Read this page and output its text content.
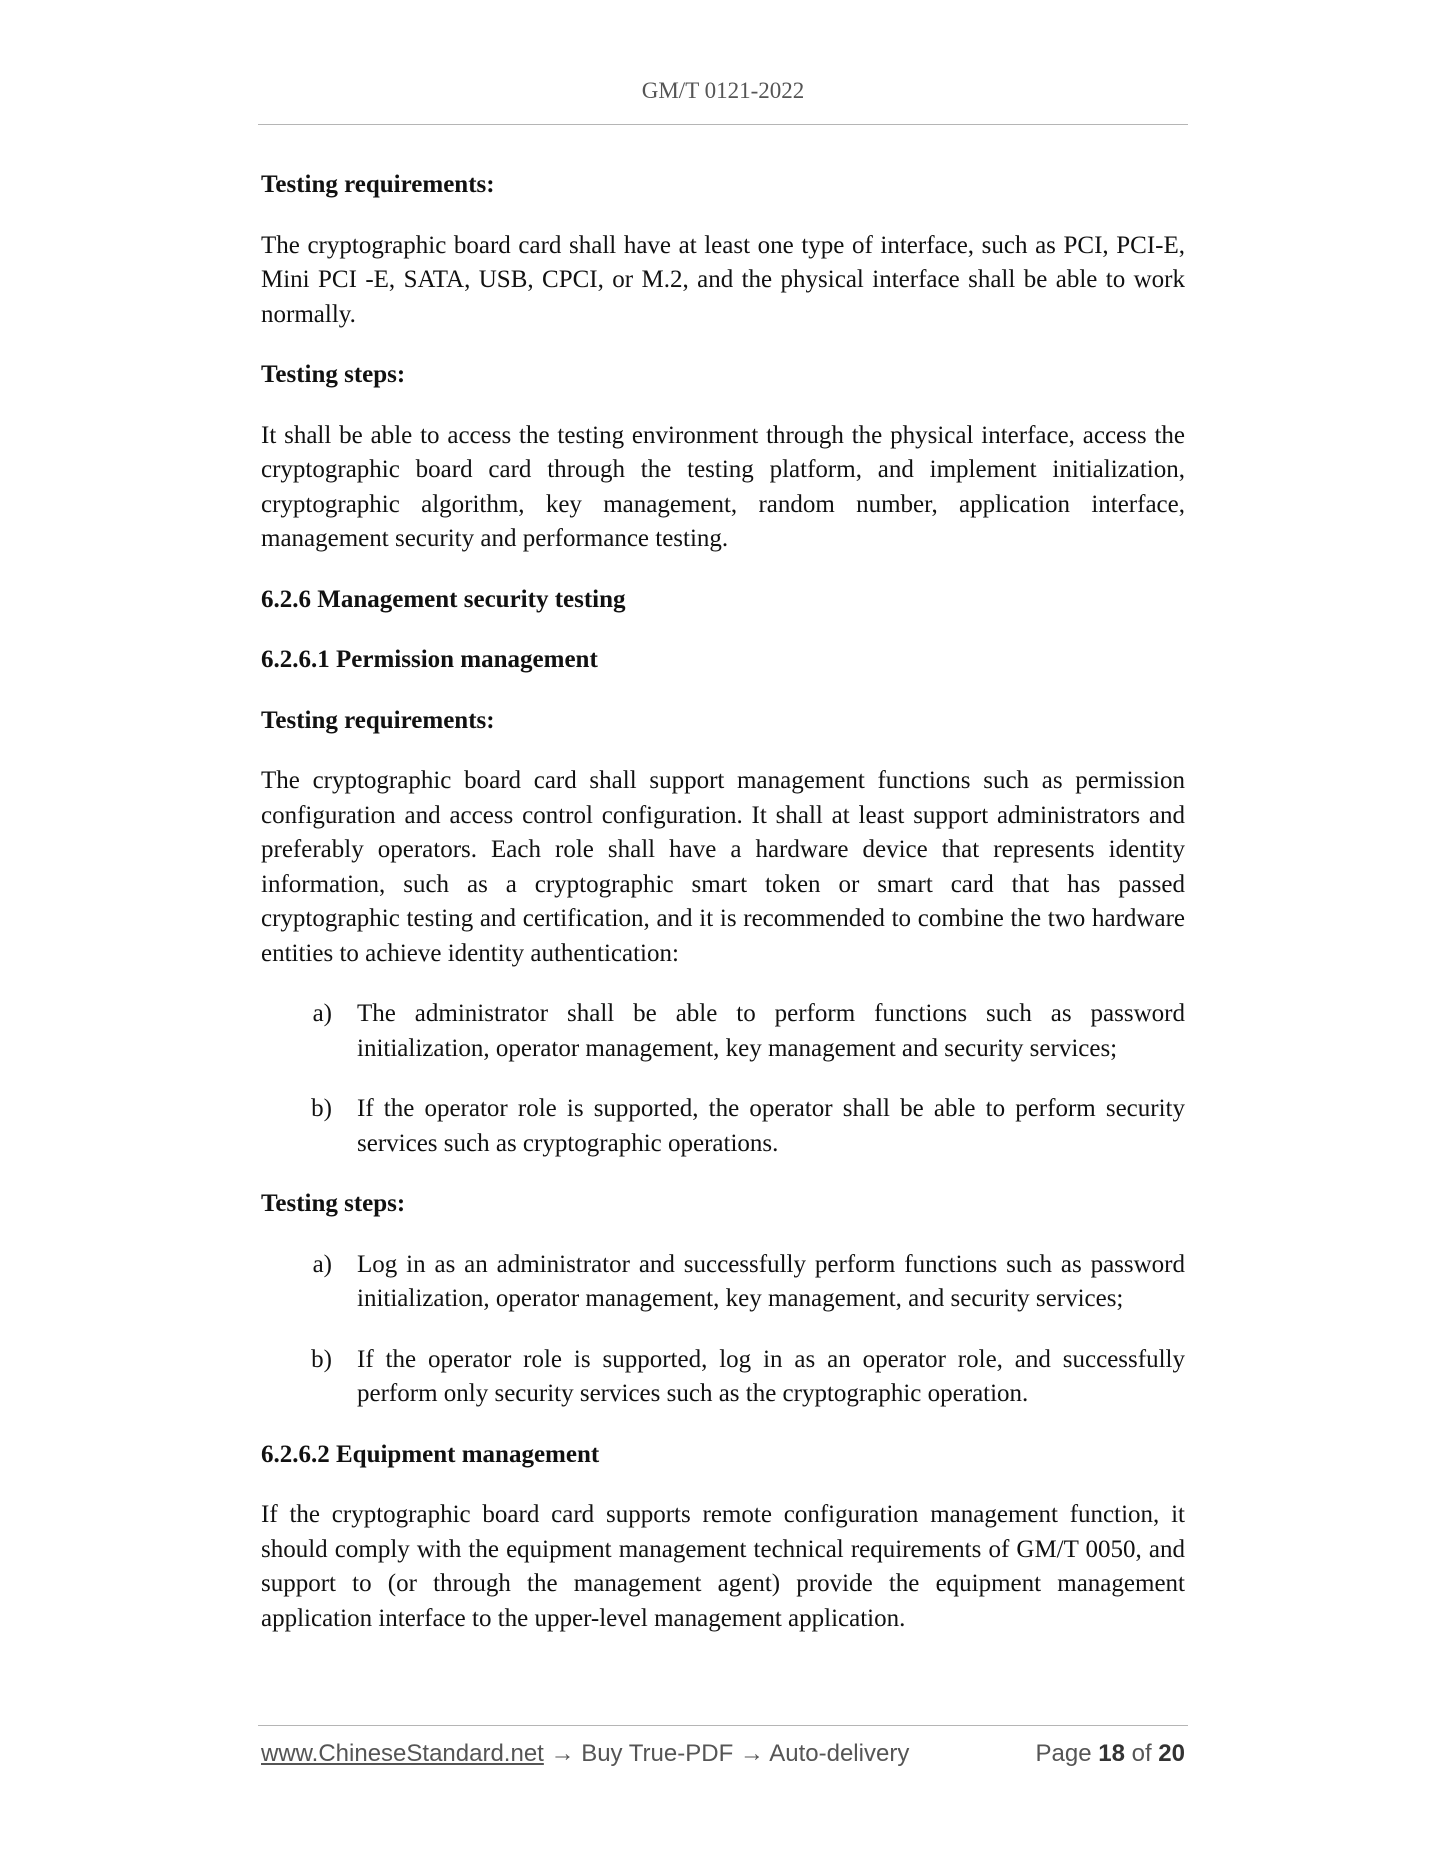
GM/T 0121-2022

Testing requirements:

The cryptographic board card shall have at least one type of interface, such as PCI, PCI-E, Mini PCI -E, SATA, USB, CPCI, or M.2, and the physical interface shall be able to work normally.

Testing steps:

It shall be able to access the testing environment through the physical interface, access the cryptographic board card through the testing platform, and implement initialization, cryptographic algorithm, key management, random number, application interface, management security and performance testing.

6.2.6 Management security testing

6.2.6.1 Permission management

Testing requirements:

The cryptographic board card shall support management functions such as permission configuration and access control configuration. It shall at least support administrators and preferably operators. Each role shall have a hardware device that represents identity information, such as a cryptographic smart token or smart card that has passed cryptographic testing and certification, and it is recommended to combine the two hardware entities to achieve identity authentication:

a)	The administrator shall be able to perform functions such as password initialization, operator management, key management and security services;
b)	If the operator role is supported, the operator shall be able to perform security services such as cryptographic operations.

Testing steps:

a)	Log in as an administrator and successfully perform functions such as password initialization, operator management, key management, and security services;
b)	If the operator role is supported, log in as an operator role, and successfully perform only security services such as the cryptographic operation.

6.2.6.2 Equipment management

If the cryptographic board card supports remote configuration management function, it should comply with the equipment management technical requirements of GM/T 0050, and support to (or through the management agent) provide the equipment management application interface to the upper-level management application.

www.ChineseStandard.net → Buy True-PDF → Auto-delivery	Page 18 of 20
